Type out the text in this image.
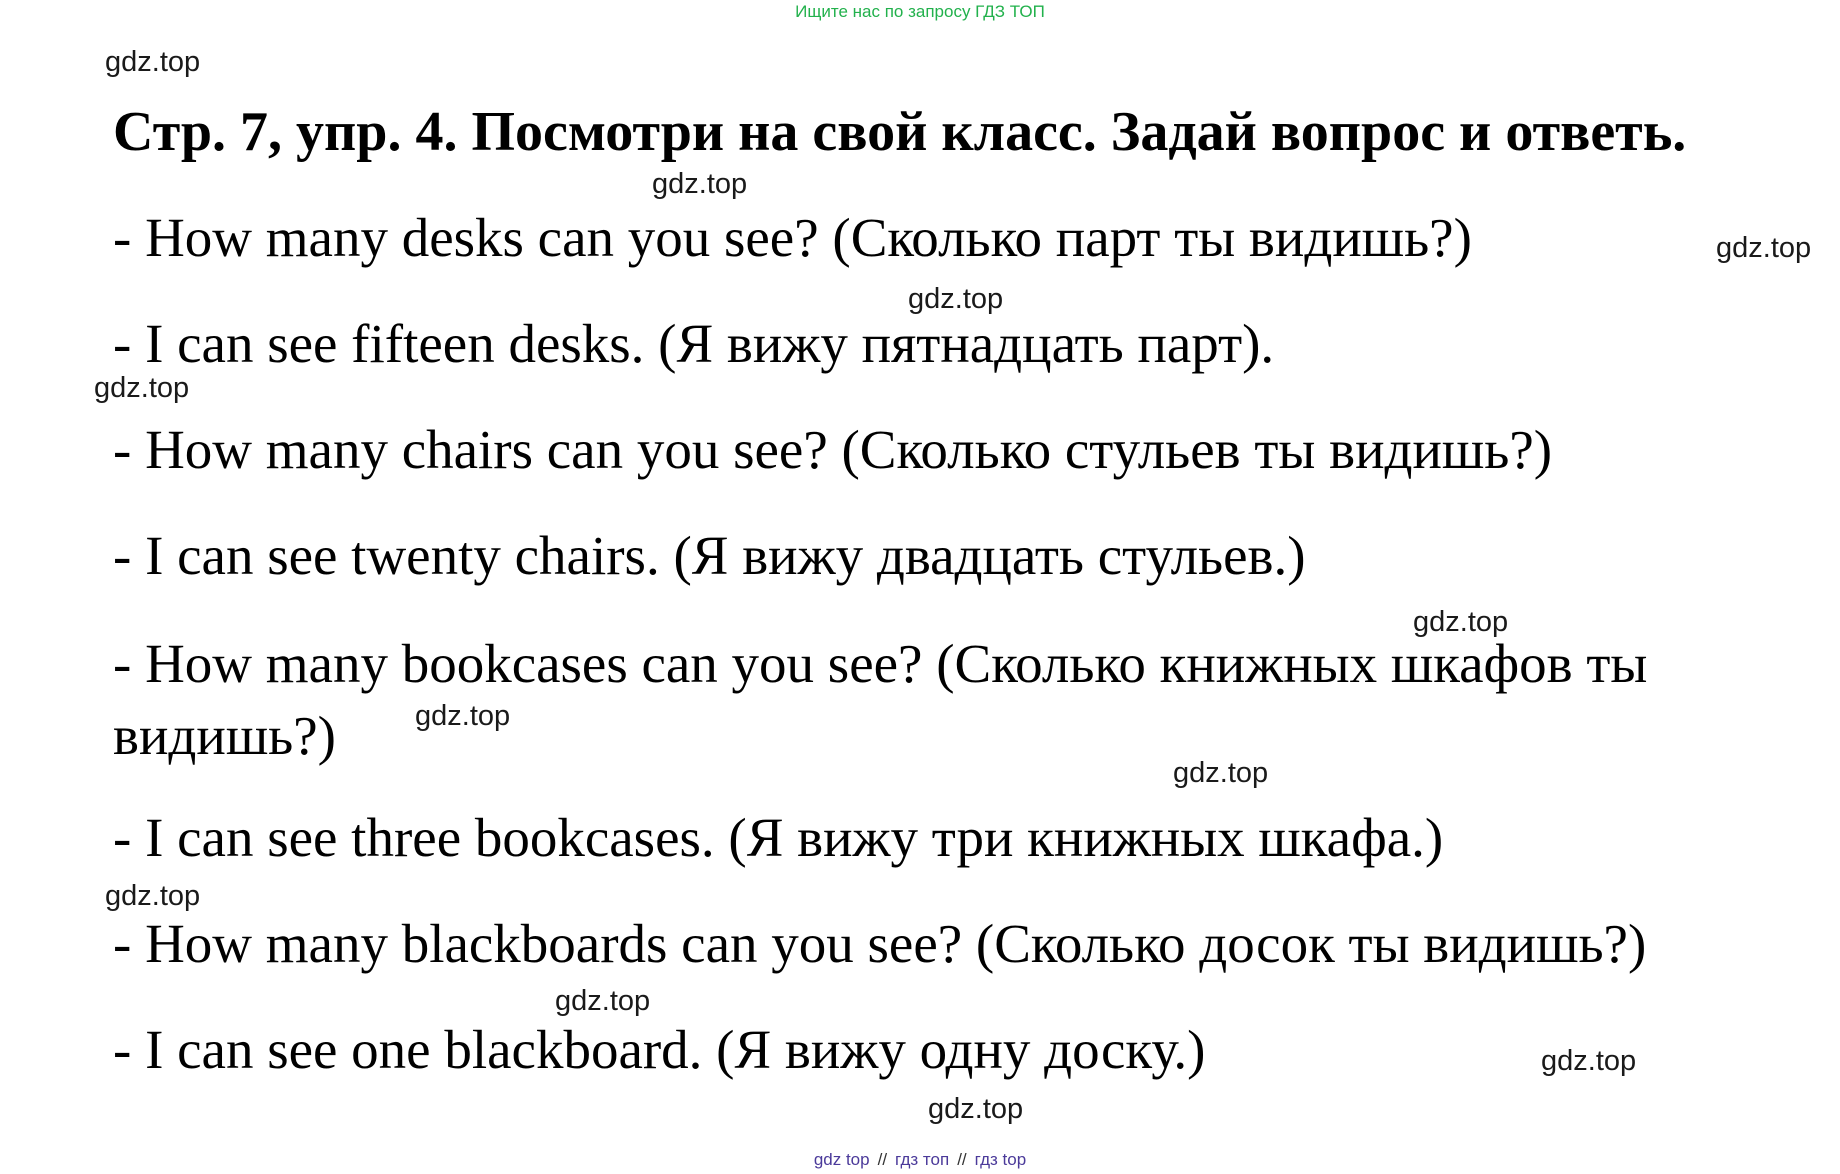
Ищите нас по запросу ГДЗ ТОП
gdz.top
Стр. 7, упр. 4. Посмотри на свой класс. Задай вопрос и ответь.
gdz.top
- How many desks can you see? (Сколько парт ты видишь?)	gdz.top
gdz.top
- I can see fifteen desks. (Я вижу пятнадцать парт).
gdz.top
- How many chairs can you see? (Сколько стульев ты видишь?)
- I can see twenty chairs. (Я вижу двадцать стульев.)
gdz.top
- How many bookcases can you see? (Сколько книжных шкафов ты видишь?)	gdz.top
gdz.top
- I can see three bookcases. (Я вижу три книжных шкафа.)
gdz.top
- How many blackboards can you see? (Сколько досок ты видишь?)
gdz.top
- I can see one blackboard. (Я вижу одну доску.)	gdz.top
gdz.top
gdz top // гдз топ // гдз top
